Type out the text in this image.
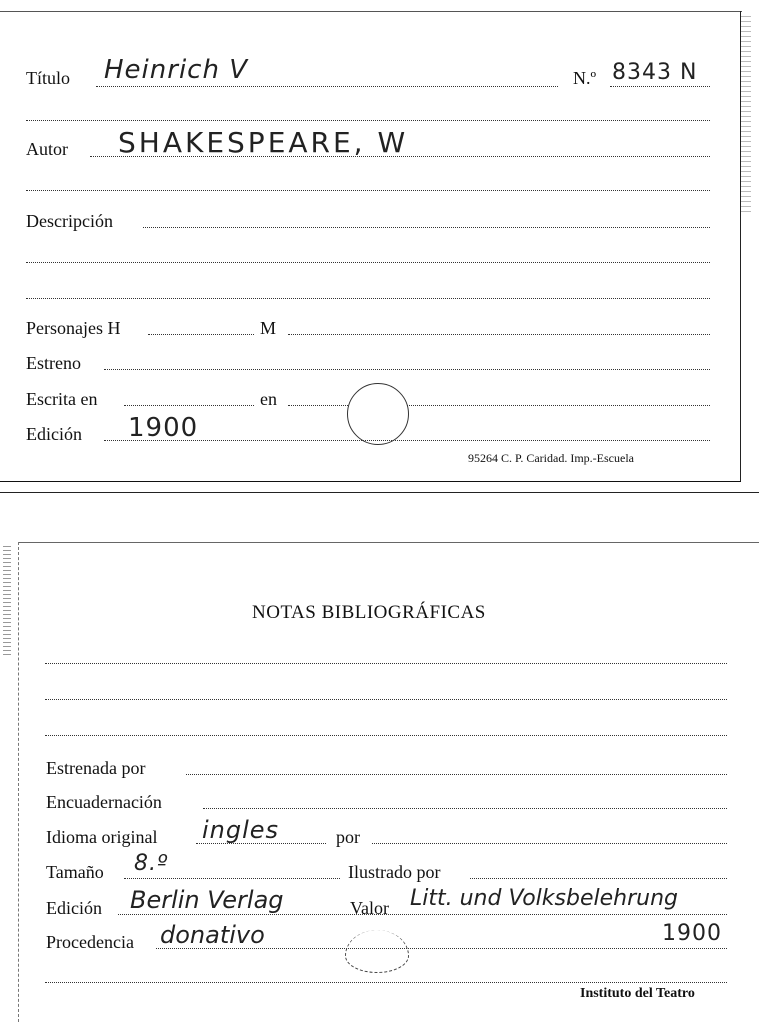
Título Heinrich V	N.º 8343 N
Autor SHAKESPEARE, W
Descripción
Personajes H	M
Estreno
Escrita en	en
Edición 1900
95264 C. P. Caridad. Imp.-Escuela
NOTAS BIBLIOGRÁFICAS
Estrenada por
Encuadernación
Idioma original ingles	por
Tamaño 8.º	Ilustrado por
Edición Berlin Verlag	Valor Litt. und Volksbelehrung
Procedencia donativo	1900
Instituto del Teatro
